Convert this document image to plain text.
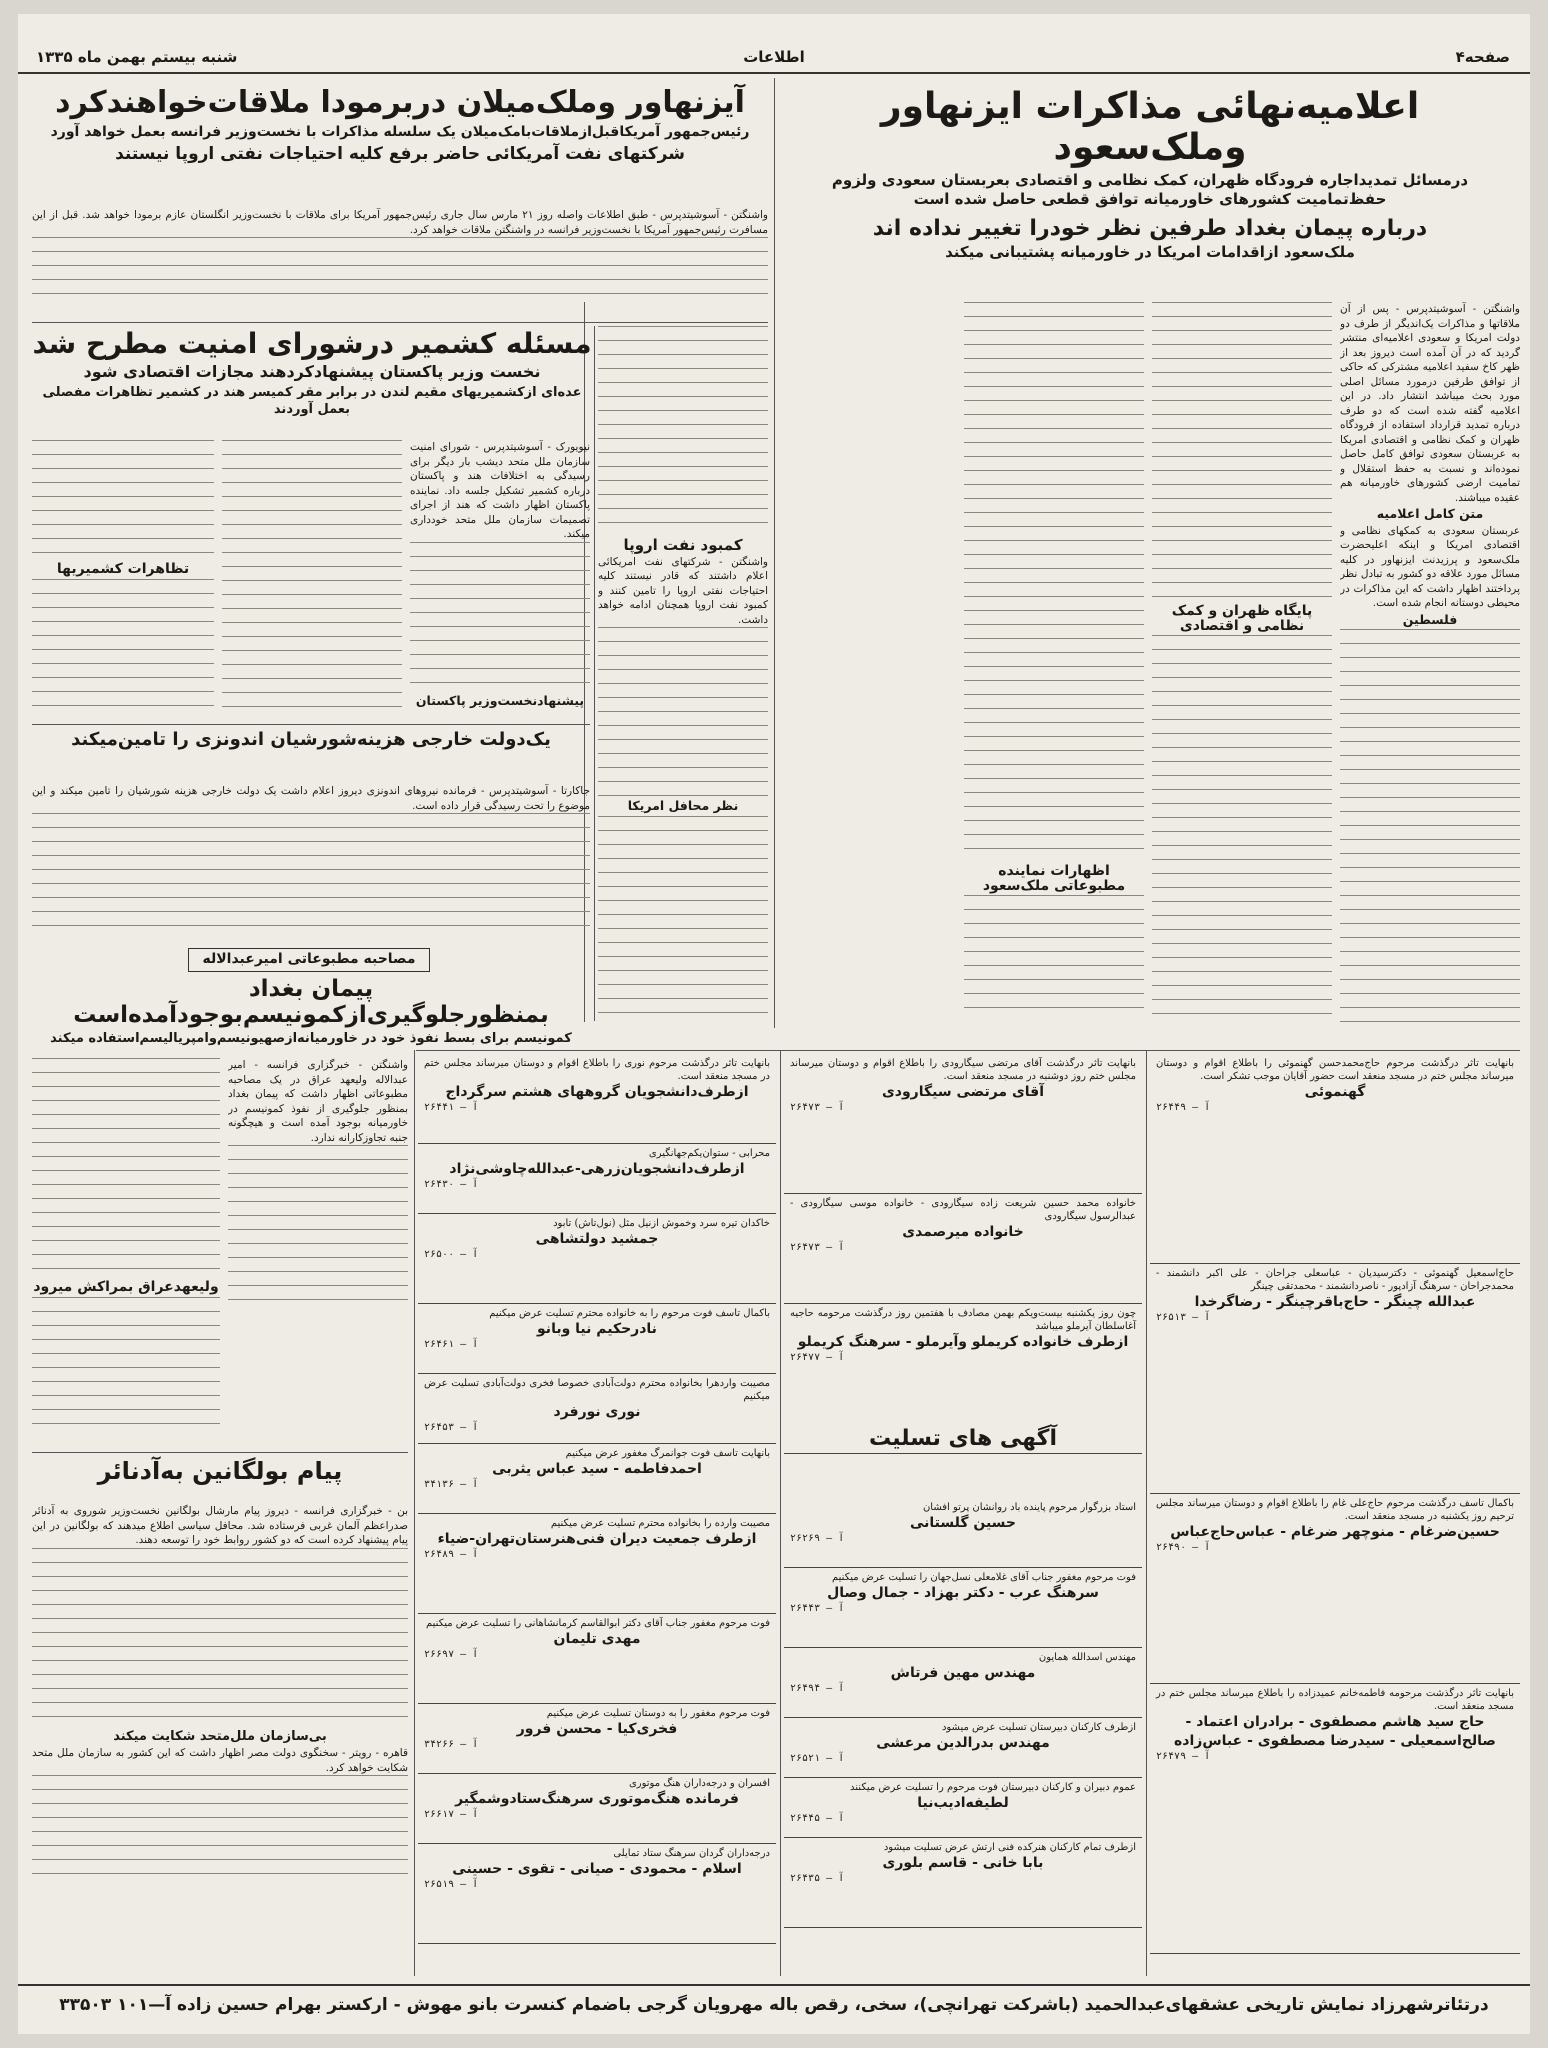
صفحه۴
اطلاعات
شنبه بیستم بهمن ماه ۱۳۳۵
اعلامیه‌نهائی مذاکرات ایزنهاور وملک‌سعود
درمسائل تمدیداجاره فرودگاه ظهران، کمک نظامی و اقتصادی بعربستان سعودی ولزوم حفظ‌تمامیت کشورهای خاورمیانه توافق قطعی حاصل شده است
درباره پیمان بغداد طرفین نظر خودرا تغییر نداده اند
ملک‌سعود ازاقدامات امریکا در خاورمیانه پشتیبانی میکند
واشنگتن - آسوشیتدپرس - پس از آن ملاقاتها و مذاکرات یک‌اندیگر از طرف دو دولت امریکا و سعودی اعلامیه‌ای منتشر گردید که در آن آمده است دیروز بعد از ظهر کاخ سفید اعلامیه مشترکی که حاکی از توافق طرفین درمورد مسائل اصلی مورد بحث میباشد انتشار داد. در این اعلامیه گفته شده است که دو طرف درباره تمدید قرارداد استفاده از فرودگاه ظهران و کمک نظامی و اقتصادی امریکا به عربستان سعودی توافق کامل حاصل نموده‌اند و نسبت به حفظ استقلال و تمامیت ارضی کشورهای خاورمیانه هم عقیده میباشند.
متن کامل اعلامیه
عربستان سعودی به کمکهای نظامی و اقتصادی امریکا و اینکه اعلیحضرت ملک‌سعود و پرزیدنت ایزنهاور در کلیه مسائل مورد علاقه دو کشور به تبادل نظر پرداختند اظهار داشت که این مذاکرات در محیطی دوستانه انجام شده است.
فلسطین
پایگاه ظهران و کمک نظامی و اقتصادی
اظهارات نماینده مطبوعاتی ملک‌سعود
آیزنهاور وملک‌میلان دربرمودا ملاقات‌خواهندکرد
رئیس‌جمهور آمریکاقبل‌ازملاقات‌بامک‌میلان یک سلسله مذاکرات با نخست‌وزیر فرانسه بعمل خواهد آورد
شرکتهای نفت آمریکائی حاضر برفع کلیه احتیاجات نفتی اروپا نیستند
واشنگتن - آسوشیتدپرس - طبق اطلاعات واصله روز ۲۱ مارس سال جاری رئیس‌جمهور آمریکا برای ملاقات با نخست‌وزیر انگلستان عازم برمودا خواهد شد. قبل از این مسافرت رئیس‌جمهور آمریکا با نخست‌وزیر فرانسه در واشنگتن ملاقات خواهد کرد.
مسئله کشمیر درشورای امنیت مطرح شد
نخست وزیر پاکستان پیشنهادکردهند مجازات اقتصادی شود
عده‌ای ازکشمیریهای مقیم لندن در برابر مقر کمیسر هند در کشمیر تظاهرات مفصلی بعمل آوردند
نیویورک - آسوشیتدپرس - شورای امنیت سازمان ملل متحد دیشب بار دیگر برای رسیدگی به اختلافات هند و پاکستان درباره کشمیر تشکیل جلسه داد. نماینده پاکستان اظهار داشت که هند از اجرای تصمیمات سازمان ملل متحد خودداری میکند.
پیشنهادنخست‌وزیر پاکستان
تظاهرات کشمیریها
کمبود نفت اروپا
واشنگتن - شرکتهای نفت امریکائی اعلام داشتند که قادر نیستند کلیه احتیاجات نفتی اروپا را تامین کنند و کمبود نفت اروپا همچنان ادامه خواهد داشت.
نظر محافل امریکا
یک‌دولت خارجی هزینه‌شورشیان اندونزی را تامین‌میکند
جاکارتا - آسوشیتدپرس - فرمانده نیروهای اندونزی دیروز اعلام داشت یک دولت خارجی هزینه شورشیان را تامین میکند و این موضوع را تحت رسیدگی قرار داده است.
مصاحبه مطبوعاتی امیرعبدالاله
پیمان بغداد بمنظورجلوگیری‌ازکمونیسم‌بوجودآمده‌است
کمونیسم برای بسط نفوذ خود در خاورمیانه‌ازصهیونیسم‌وامپریالیسم‌استفاده میکند
واشنگتن - خبرگزاری فرانسه - امیر عبدالاله ولیعهد عراق در یک مصاحبه مطبوعاتی اظهار داشت که پیمان بغداد بمنظور جلوگیری از نفوذ کمونیسم در خاورمیانه بوجود آمده است و هیچگونه جنبه تجاوزکارانه ندارد.
ولیعهدعراق بمراکش میرود
پیام بولگانین به‌آدنائر
بن - خبرگزاری فرانسه - دیروز پیام مارشال بولگانین نخست‌وزیر شوروی به آدنائر صدراعظم آلمان غربی فرستاده شد. محافل سیاسی اطلاع میدهند که بولگانین در این پیام پیشنهاد کرده است که دو کشور روابط خود را توسعه دهند.
بی‌سازمان ملل‌متحد شکایت میکند
قاهره - رویتر - سخنگوی دولت مصر اظهار داشت که این کشور به سازمان ملل متحد شکایت خواهد کرد.
آگهی های تسلیت
بانهایت تاثر درگذشت مرحوم حاج‌محمدحسن گهنموئی را باطلاع اقوام و دوستان میرساند مجلس ختم در مسجد منعقد است حضور آقایان موجب تشکر است.
گهنموئی
آ — ۲۶۴۴۹
حاج‌اسمعیل گهنموئی - دکترسیدیان - عباسعلی جراحان - علی اکبر دانشمند - محمدجراحان - سرهنگ آزادپور - ناصردانشمند - محمدتقی چینگر
عبدالله چینگر - حاج‌باقرچینگر - رضاگرخدا
آ — ۲۶۵۱۳
باکمال تاسف درگذشت مرحوم حاج‌علی غام را باطلاع اقوام و دوستان میرساند مجلس ترحیم روز یکشنبه در مسجد منعقد است.
حسین‌ضرغام - منوچهر ضرغام - عباس‌حاج‌عباس
آ — ۲۶۴۹۰
بانهایت تاثر درگذشت مرحومه فاطمه‌خانم عمیدزاده را باطلاع میرساند مجلس ختم در مسجد منعقد است.
حاج سید هاشم مصطفوی - برادران اعتماد - صالح‌اسمعیلی - سیدرضا مصطفوی - عباس‌زاده
آ — ۲۶۴۷۹
بانهایت تاثر درگذشت آقای مرتضی سیگارودی را باطلاع اقوام و دوستان میرساند مجلس ختم روز دوشنبه در مسجد منعقد است.
آقای مرتضی سیگارودی
آ — ۲۶۴۷۳
خانواده محمد حسین شریعت زاده سیگارودی - خانواده موسی سیگارودی - عبدالرسول سیگارودی
خانواده میرصمدی
آ — ۲۶۴۷۳
چون روز یکشنبه بیست‌ویکم بهمن مصادف با هفتمین روز درگذشت مرحومه حاجیه آغاسلطان آیرملو میباشد
ازطرف خانواده کریملو وآیرملو - سرهنگ کریملو
آ — ۲۶۴۷۷
استاد بزرگوار مرحوم پاینده باد روانشان پرتو افشان
حسین گلستانی
آ — ۲۶۲۶۹
فوت مرحوم مغفور جناب آقای غلامعلی نسل‌جهان را تسلیت عرض میکنیم
سرهنگ عرب - دکتر بهزاد - جمال وصال
آ — ۲۶۴۴۳
مهندس اسدالله همایون
مهندس مهین فرتاش
آ — ۲۶۴۹۴
ازطرف کارکنان دبیرستان تسلیت عرض میشود
مهندس بدرالدین مرعشی
آ — ۲۶۵۲۱
عموم دبیران و کارکنان دبیرستان فوت مرحوم را تسلیت عرض میکنند
لطیفه‌ادیب‌نیا
آ — ۲۶۴۴۵
ازطرف تمام کارکنان هنرکده فنی ارتش عرض تسلیت میشود
بابا خانی - قاسم بلوری
آ — ۲۶۴۳۵
بانهایت تاثر درگذشت مرحوم نوری را باطلاع اقوام و دوستان میرساند مجلس ختم در مسجد منعقد است.
ازطرف‌دانشجویان گروههای هشتم سرگرداج
آ — ۲۶۴۴۱
محرابی - ستوان‌یکم‌جهانگیری
ازطرف‌دانشجویان‌زرهی-عبدالله‌چاوشی‌نژاد
آ — ۲۶۴۳۰
خاکدان تیره سرد وخموش ازنیل مثل (نول‌تاش) تابود
جمشید دولتشاهی
آ — ۲۶۵۰۰
باکمال تاسف فوت مرحوم را به خانواده محترم تسلیت عرض میکنیم
نادرحکیم نیا وبانو
آ — ۲۶۴۶۱
مصیبت واردهرا بخانواده محترم دولت‌آبادی خصوصا فخری دولت‌آبادی تسلیت عرض میکنیم
نوری نورفرد
آ — ۲۶۴۵۳
بانهایت تاسف فوت جوانمرگ مغفور عرض میکنیم
احمدفاطمه - سید عباس یثربی
آ — ۳۴۱۳۶
مصیبت وارده را بخانواده محترم تسلیت عرض میکنیم
ازطرف جمعیت دیران فنی‌هنرستان‌تهران-ضیاء
آ — ۲۶۴۸۹
فوت مرحوم مغفور جناب آقای دکتر ابوالقاسم کرمانشاهانی را تسلیت عرض میکنیم
مهدی تلیمان
آ — ۲۶۶۹۷
فوت مرحوم مغفور را به دوستان تسلیت عرض میکنیم
فخری‌کیا - محسن فرور
آ — ۳۴۲۶۶
افسران و درجه‌داران هنگ موتوری
فرمانده هنگ‌موتوری سرهنگ‌ستادوشمگیر
آ — ۲۶۶۱۷
درجه‌داران گردان سرهنگ ستاد تمایلی
اسلام - محمودی - صیانی - تقوی - حسینی
آ — ۲۶۵۱۹
درتئاترشهرزاد نمایش تاریخی عشقهای‌عبدالحمید (باشرکت تهرانچی)، سخی، رقص باله مهرویان گرجی باضمام کنسرت بانو مهوش - ارکستر بهرام حسین زاده آ—۱۰۱ ۳۳۵۰۳
